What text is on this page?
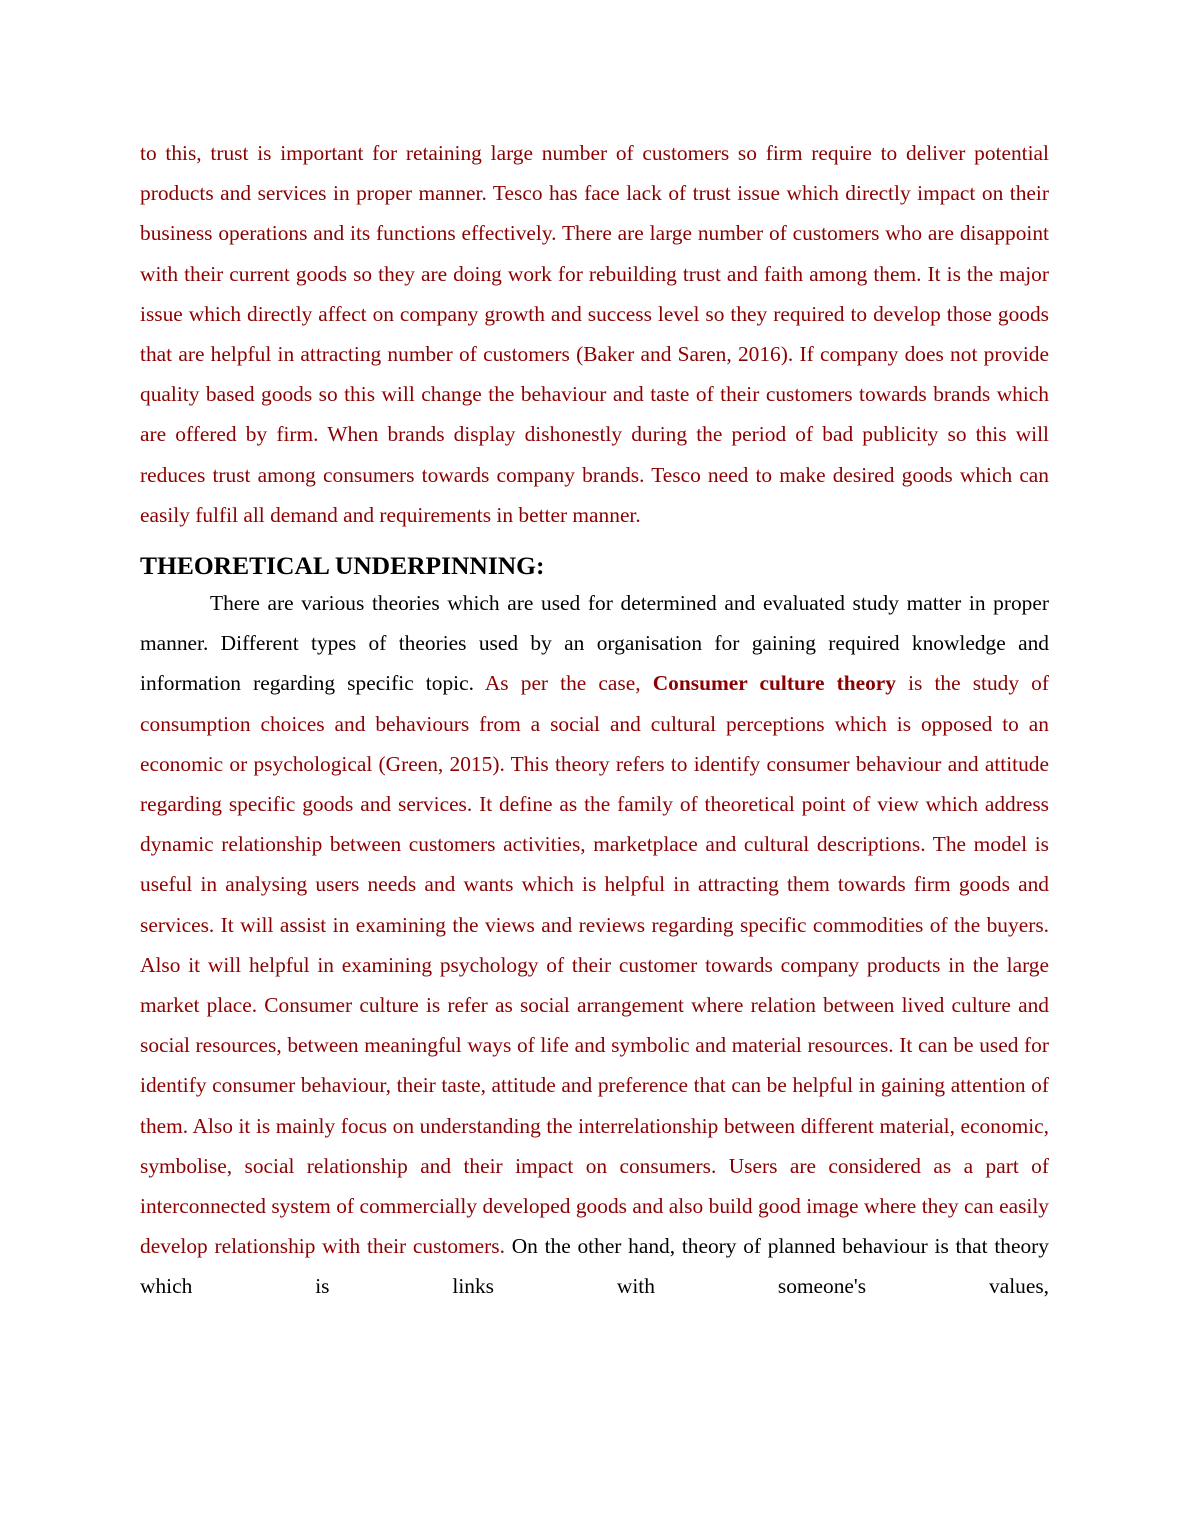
to this, trust is important for retaining large number of customers so firm require to deliver potential products and services in proper manner. Tesco has face lack of trust issue which directly impact on their business operations and its functions effectively. There are large number of customers who are disappoint with their current goods so they are doing work for rebuilding trust and faith among them. It is the major issue which directly affect on company growth and success level so they required to develop those goods that are helpful in attracting number of customers (Baker and Saren, 2016). If company does not provide quality based goods so this will change the behaviour and taste of their customers towards brands which are offered by firm. When brands display dishonestly during the period of bad publicity so this will reduces trust among consumers towards company brands. Tesco need to make desired goods which can easily fulfil all demand and requirements in better manner.

THEORETICAL UNDERPINNING:

There are various theories which are used for determined and evaluated study matter in proper manner. Different types of theories used by an organisation for gaining required knowledge and information regarding specific topic. As per the case, Consumer culture theory is the study of consumption choices and behaviours from a social and cultural perceptions which is opposed to an economic or psychological (Green, 2015). This theory refers to identify consumer behaviour and attitude regarding specific goods and services. It define as the family of theoretical point of view which address dynamic relationship between customers activities, marketplace and cultural descriptions. The model is useful in analysing users needs and wants which is helpful in attracting them towards firm goods and services. It will assist in examining the views and reviews regarding specific commodities of the buyers. Also it will helpful in examining psychology of their customer towards company products in the large market place. Consumer culture is refer as social arrangement where relation between lived culture and social resources, between meaningful ways of life and symbolic and material resources. It can be used for identify consumer behaviour, their taste, attitude and preference that can be helpful in gaining attention of them. Also it is mainly focus on understanding the interrelationship between different material, economic, symbolise, social relationship and their impact on consumers. Users are considered as a part of interconnected system of commercially developed goods and also build good image where they can easily develop relationship with their customers. On the other hand, theory of planned behaviour is that theory which is links with someone's values,
